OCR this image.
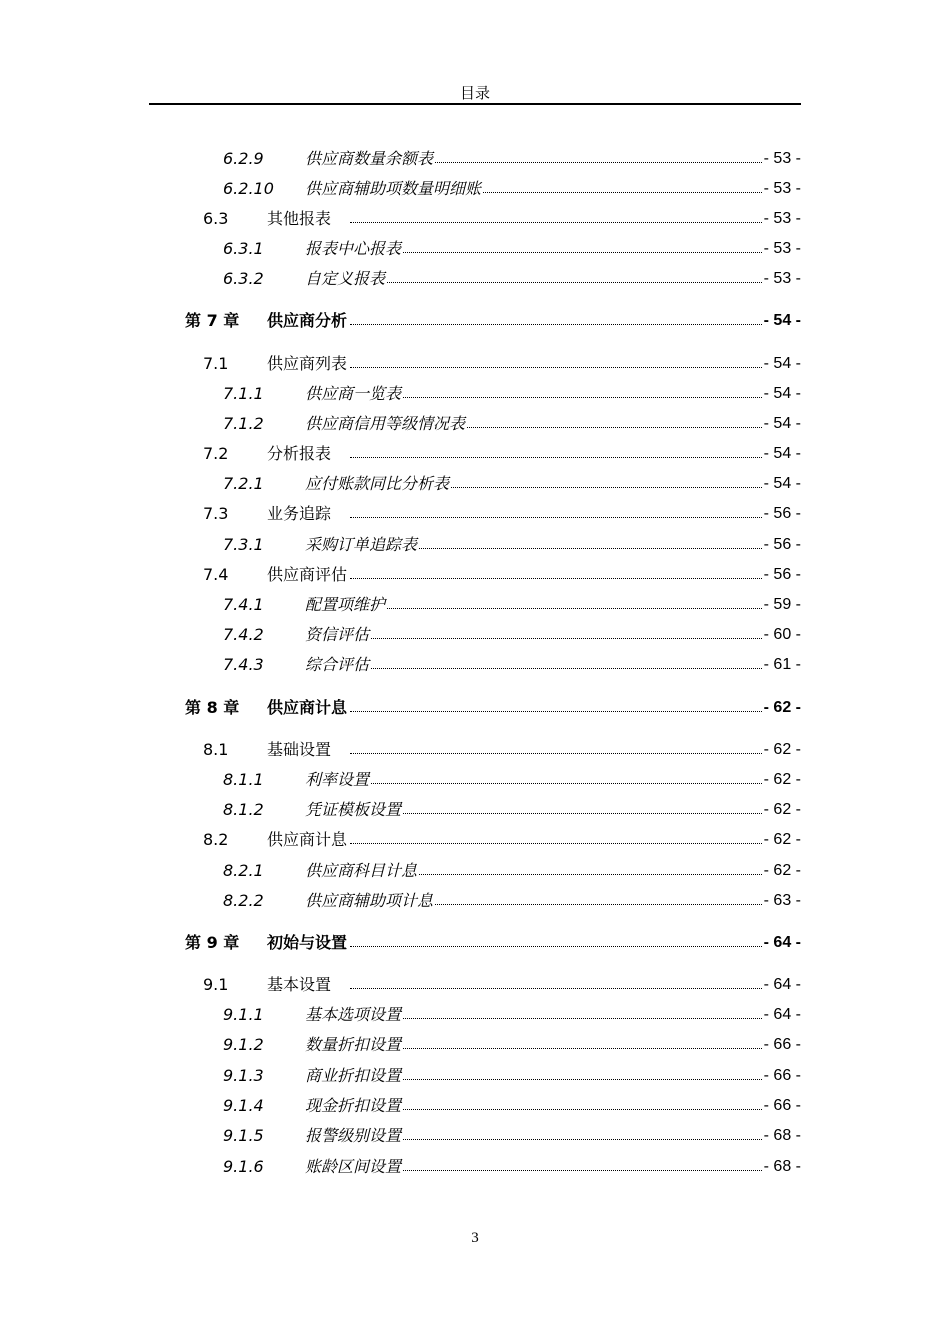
目录
6.2.9	供应商数量余额表	- 53 -
6.2.10 供应商辅助项数量明细账	- 53 -
6.3 其他报表	- 53 -
6.3.1	报表中心报表	- 53 -
6.3.2	自定义报表	- 53 -
第 7 章 供应商分析	- 54 -
7.1 供应商列表	- 54 -
7.1.1	供应商一览表	- 54 -
7.1.2	供应商信用等级情况表	- 54 -
7.2 分析报表	- 54 -
7.2.1	应付账款同比分析表	- 54 -
7.3 业务追踪	- 56 -
7.3.1	采购订单追踪表	- 56 -
7.4 供应商评估	- 56 -
7.4.1	配置项维护	- 59 -
7.4.2	资信评估	- 60 -
7.4.3	综合评估	- 61 -
第 8 章 供应商计息	- 62 -
8.1 基础设置	- 62 -
8.1.1	利率设置	- 62 -
8.1.2	凭证模板设置	- 62 -
8.2 供应商计息	- 62 -
8.2.1	供应商科目计息	- 62 -
8.2.2	供应商辅助项计息	- 63 -
第 9 章 初始与设置	- 64 -
9.1 基本设置	- 64 -
9.1.1	基本选项设置	- 64 -
9.1.2	数量折扣设置	- 66 -
9.1.3	商业折扣设置	- 66 -
9.1.4	现金折扣设置	- 66 -
9.1.5	报警级别设置	- 68 -
9.1.6	账龄区间设置	- 68 -
3
